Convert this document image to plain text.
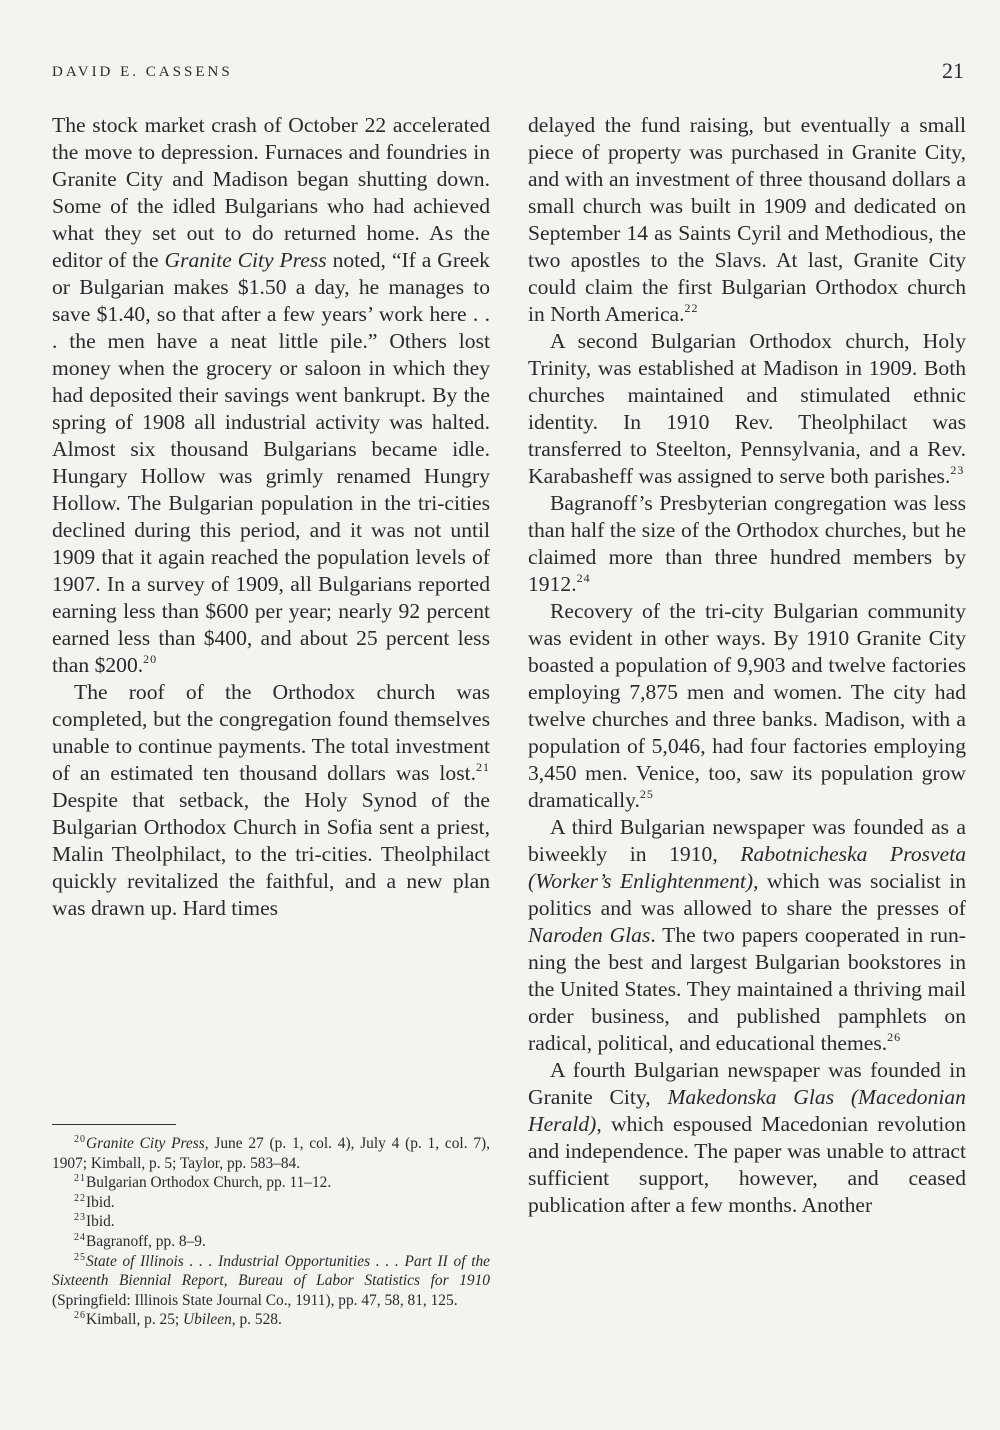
DAVID E. CASSENS	21

The stock market crash of October 22 accelerated the move to depression. Furnaces and foundries in Granite City and Madison began shutting down. Some of the idled Bulgarians who had achieved what they set out to do returned home. As the editor of the Granite City Press noted, “If a Greek or Bulgarian makes $1.50 a day, he manages to save $1.40, so that after a few years’ work here . . . the men have a neat little pile.” Others lost money when the grocery or saloon in which they had deposited their savings went bankrupt. By the spring of 1908 all industrial activity was halted. Almost six thousand Bulgarians became idle. Hungary Hollow was grimly renamed Hungry Hollow. The Bulgarian population in the tri-cities declined during this period, and it was not until 1909 that it again reached the population levels of 1907. In a survey of 1909, all Bulgarians reported earning less than $600 per year; nearly 92 percent earned less than $400, and about 25 percent less than $200.20

The roof of the Orthodox church was completed, but the congregation found themselves unable to continue payments. The total investment of an estimated ten thousand dollars was lost.$^{21}$ Despite that setback, the Holy Synod of the Bulgarian Orthodox Church in Sofia sent a priest, Malin Theolphilact, to the tri-cities. Theolphilact quickly revitalized the faithful, and a new plan was drawn up. Hard times

delayed the fund raising, but eventually a small piece of property was purchased in Granite City, and with an investment of three thousand dollars a small church was built in 1909 and dedicated on September 14 as Saints Cyril and Methodious, the two apostles to the Slavs. At last, Granite City could claim the first Bulgarian Orthodox church in North America.$^{22}$

A second Bulgarian Orthodox church, Holy Trinity, was established at Madison in 1909. Both churches maintained and stimulated ethnic identity. In 1910 Rev. Theolphilact was transferred to Steelton, Pennsylvania, and a Rev. Karabasheff was assigned to serve both parishes.$^{23}$

Bagranoff’s Presbyterian congregation was less than half the size of the Orthodox churches, but he claimed more than three hundred members by 1912.24

Recovery of the tri-city Bulgarian community was evident in other ways. By 1910 Granite City boasted a population of 9,903 and twelve factories employing 7,875 men and women. The city had twelve churches and three banks. Madison, with a population of 5,046, had four factories employing 3,450 men. Venice, too, saw its population grow dramatically.$^{25}$

A third Bulgarian newspaper was founded as a biweekly in 1910, Rabotnicheska Prosveta (Worker’s Enlightenment), which was socialist in politics and was allowed to share the presses of Naroden Glas. The two papers cooperated in running the best and largest Bulgarian bookstores in the United States. They maintained a thriving mail order business, and published pamphlets on radical, political, and educational themes.$^{26}$

A fourth Bulgarian newspaper was founded in Granite City, Makedonska Glas (Macedonian Herald), which espoused Macedonian revolution and independence. The paper was unable to attract sufficient support, however, and ceased publication after a few months. Another

$^{20}$Granite City Press, June 27 (p. 1, col. 4), July 4 (p. 1, col. 7), 1907; Kimball, p. 5; Taylor, pp. 583–84.

$^{21}$Bulgarian Orthodox Church, pp. 11–12.

$^{22}$Ibid.

$^{23}$Ibid.

$^{24}$Bagranoff, pp. 8–9.

$^{25}$State of Illinois . . . Industrial Opportunities . . . Part II of the Sixteenth Biennial Report, Bureau of Labor Statistics for 1910 (Springfield: Illinois State Journal Co., 1911), pp. 47, 58, 81, 125.

$^{26}$Kimball, p. 25; Ubileen, p. 528.
